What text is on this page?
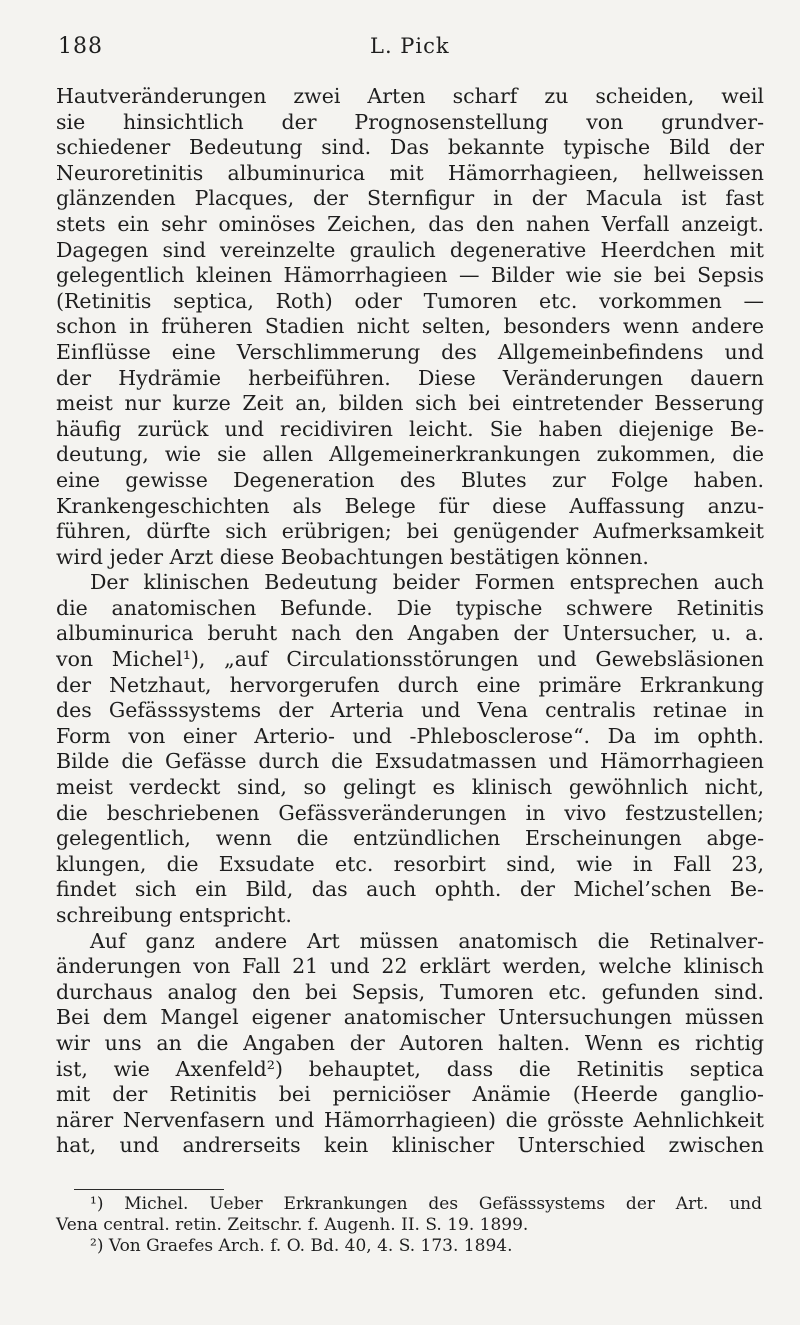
188	L. Pick
Hautveränderungen zwei Arten scharf zu scheiden, weil
sie hinsichtlich der Prognosenstellung von grundver-
schiedener Bedeutung sind. Das bekannte typische Bild der
Neuroretinitis albuminurica mit Hämorrhagieen, hellweissen
glänzenden Placques, der Sternfigur in der Macula ist fast
stets ein sehr ominöses Zeichen, das den nahen Verfall anzeigt.
Dagegen sind vereinzelte graulich degenerative Heerdchen mit
gelegentlich kleinen Hämorrhagieen — Bilder wie sie bei Sepsis
(Retinitis septica, Roth) oder Tumoren etc. vorkommen —
schon in früheren Stadien nicht selten, besonders wenn andere
Einflüsse eine Verschlimmerung des Allgemeinbefindens und
der Hydrämie herbeiführen. Diese Veränderungen dauern
meist nur kurze Zeit an, bilden sich bei eintretender Besserung
häufig zurück und recidiviren leicht. Sie haben diejenige Be-
deutung, wie sie allen Allgemeinerkrankungen zukommen, die
eine gewisse Degeneration des Blutes zur Folge haben.
Krankengeschichten als Belege für diese Auffassung anzu-
führen, dürfte sich erübrigen; bei genügender Aufmerksamkeit
wird jeder Arzt diese Beobachtungen bestätigen können.
Der klinischen Bedeutung beider Formen entsprechen auch
die anatomischen Befunde. Die typische schwere Retinitis
albuminurica beruht nach den Angaben der Untersucher, u. a.
von Michel¹), „auf Circulationsstörungen und Gewebsläsionen
der Netzhaut, hervorgerufen durch eine primäre Erkrankung
des Gefässsystems der Arteria und Vena centralis retinae in
Form von einer Arterio- und -Phlebosclerose“. Da im ophth.
Bilde die Gefässe durch die Exsudatmassen und Hämorrhagieen
meist verdeckt sind, so gelingt es klinisch gewöhnlich nicht,
die beschriebenen Gefässveränderungen in vivo festzustellen;
gelegentlich, wenn die entzündlichen Erscheinungen abge-
klungen, die Exsudate etc. resorbirt sind, wie in Fall 23,
findet sich ein Bild, das auch ophth. der Michel’schen Be-
schreibung entspricht.
Auf ganz andere Art müssen anatomisch die Retinalver-
änderungen von Fall 21 und 22 erklärt werden, welche klinisch
durchaus analog den bei Sepsis, Tumoren etc. gefunden sind.
Bei dem Mangel eigener anatomischer Untersuchungen müssen
wir uns an die Angaben der Autoren halten. Wenn es richtig
ist, wie Axenfeld²) behauptet, dass die Retinitis septica
mit der Retinitis bei perniciöser Anämie (Heerde ganglio-
närer Nervenfasern und Hämorrhagieen) die grösste Aehnlichkeit
hat, und andrerseits kein klinischer Unterschied zwischen
¹) Michel. Ueber Erkrankungen des Gefässsystems der Art. und
Vena central. retin. Zeitschr. f. Augenh. II. S. 19. 1899.
²) Von Graefes Arch. f. O. Bd. 40, 4. S. 173. 1894.
